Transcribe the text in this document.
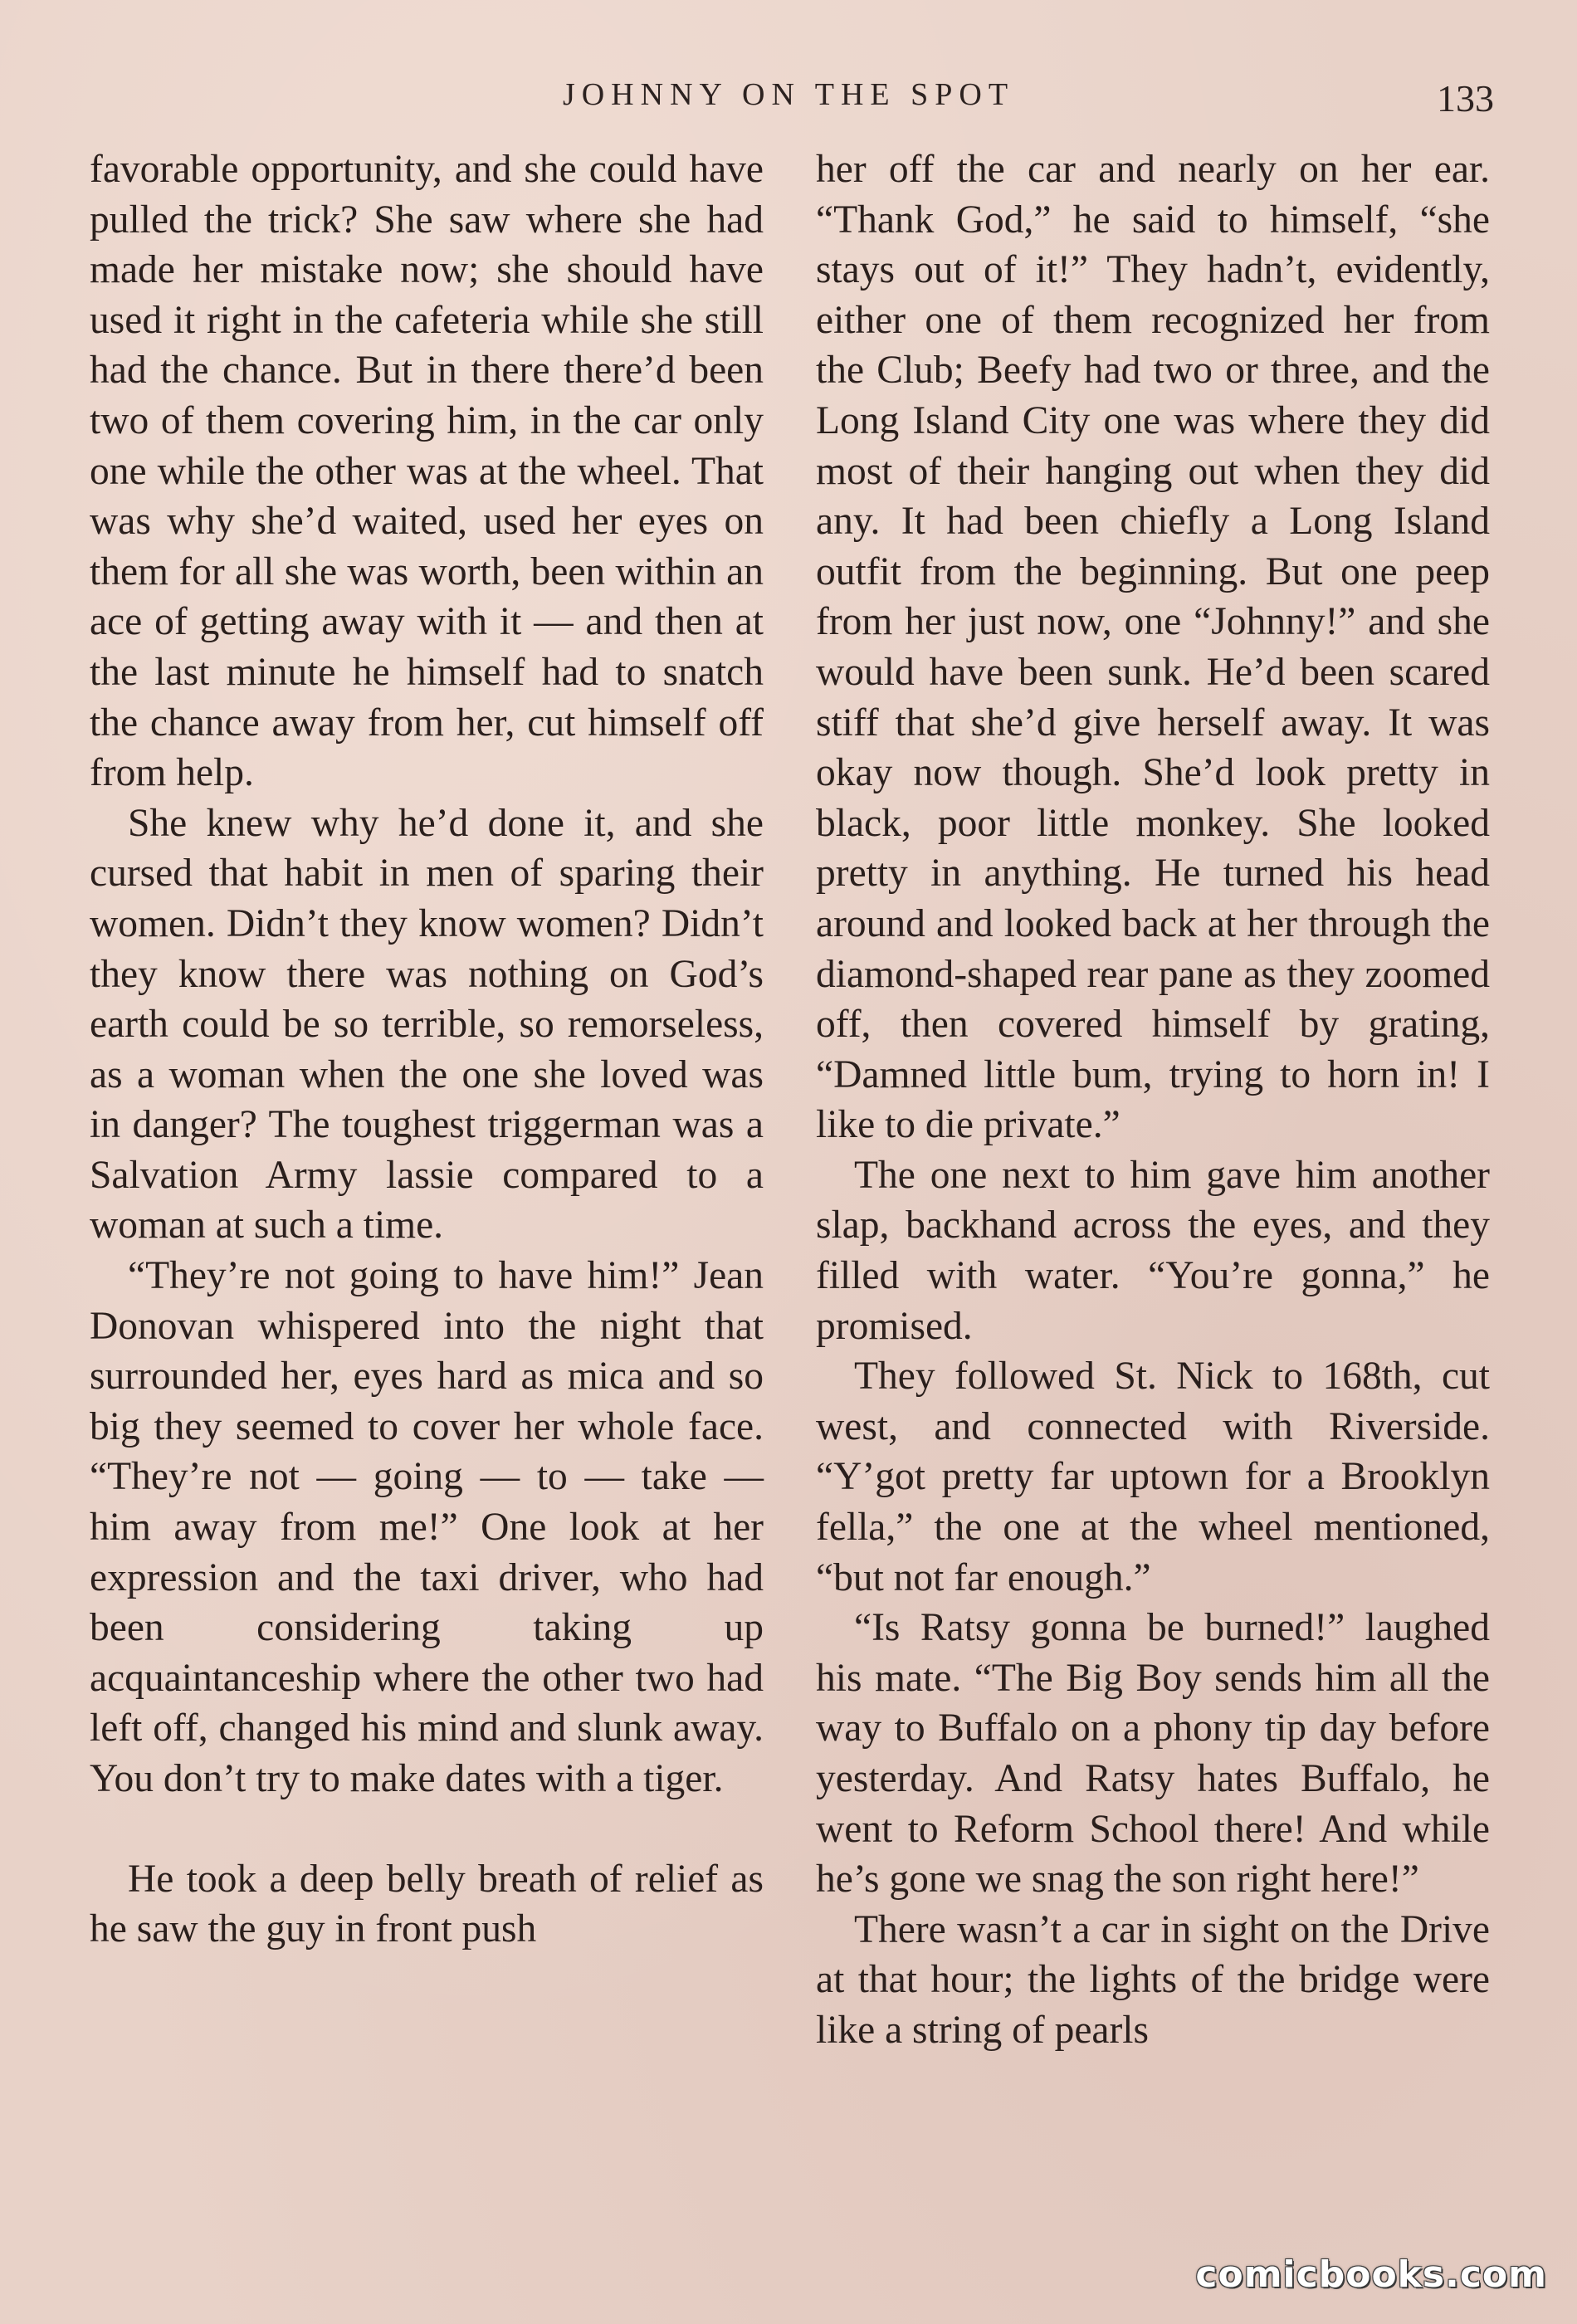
JOHNNY ON THE SPOT	133

favorable opportunity, and she could have pulled the trick? She saw where she had made her mistake now; she should have used it right in the cafeteria while she still had the chance. But in there there’d been two of them covering him, in the car only one while the other was at the wheel. That was why she’d waited, used her eyes on them for all she was worth, been within an ace of getting away with it — and then at the last minute he himself had to snatch the chance away from her, cut himself off from help.

She knew why he’d done it, and she cursed that habit in men of sparing their women. Didn’t they know women? Didn’t they know there was nothing on God’s earth could be so terrible, so remorseless, as a woman when the one she loved was in danger? The toughest triggerman was a Salvation Army lassie compared to a woman at such a time.

“They’re not going to have him!” Jean Donovan whispered into the night that surrounded her, eyes hard as mica and so big they seemed to cover her whole face. “They’re not — going — to — take — him away from me!” One look at her expression and the taxi driver, who had been considering taking up acquaintanceship where the other two had left off, changed his mind and slunk away. You don’t try to make dates with a tiger.

He took a deep belly breath of relief as he saw the guy in front push

her off the car and nearly on her ear. “Thank God,” he said to himself, “she stays out of it!” They hadn’t, evidently, either one of them recognized her from the Club; Beefy had two or three, and the Long Island City one was where they did most of their hanging out when they did any. It had been chiefly a Long Island outfit from the beginning. But one peep from her just now, one “Johnny!” and she would have been sunk. He’d been scared stiff that she’d give herself away. It was okay now though. She’d look pretty in black, poor little monkey. She looked pretty in anything. He turned his head around and looked back at her through the diamond-shaped rear pane as they zoomed off, then covered himself by grating, “Damned little bum, trying to horn in! I like to die private.”

The one next to him gave him another slap, backhand across the eyes, and they filled with water. “You’re gonna,” he promised.

They followed St. Nick to 168th, cut west, and connected with Riverside. “Y’got pretty far uptown for a Brooklyn fella,” the one at the wheel mentioned, “but not far enough.”

“Is Ratsy gonna be burned!” laughed his mate. “The Big Boy sends him all the way to Buffalo on a phony tip day before yesterday. And Ratsy hates Buffalo, he went to Reform School there! And while he’s gone we snag the son right here!”

There wasn’t a car in sight on the Drive at that hour; the lights of the bridge were like a string of pearls

comicbooks.com
